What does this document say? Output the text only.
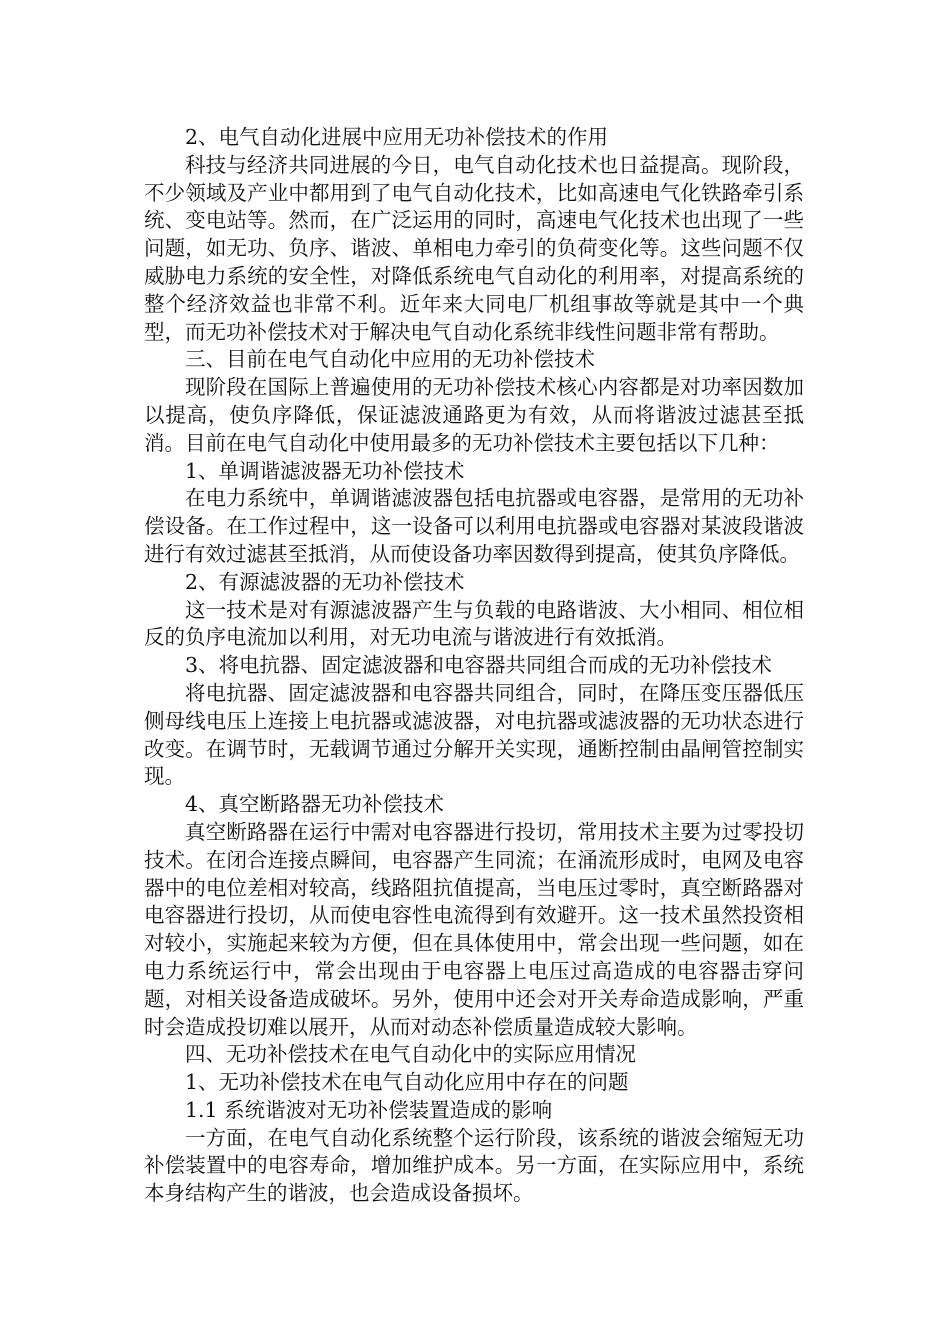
2、电气自动化进展中应用无功补偿技术的作用

科技与经济共同进展的今日，电气自动化技术也日益提高。现阶段，不少领域及产业中都用到了电气自动化技术，比如高速电气化铁路牵引系统、变电站等。然而，在广泛运用的同时，高速电气化技术也出现了一些问题，如无功、负序、谐波、单相电力牵引的负荷变化等。这些问题不仅威胁电力系统的安全性，对降低系统电气自动化的利用率，对提高系统的整个经济效益也非常不利。近年来大同电厂机组事故等就是其中一个典型，而无功补偿技术对于解决电气自动化系统非线性问题非常有帮助。

三、目前在电气自动化中应用的无功补偿技术

现阶段在国际上普遍使用的无功补偿技术核心内容都是对功率因数加以提高，使负序降低，保证滤波通路更为有效，从而将谐波过滤甚至抵消。目前在电气自动化中使用最多的无功补偿技术主要包括以下几种：

1、单调谐滤波器无功补偿技术

在电力系统中，单调谐滤波器包括电抗器或电容器，是常用的无功补偿设备。在工作过程中，这一设备可以利用电抗器或电容器对某波段谐波进行有效过滤甚至抵消，从而使设备功率因数得到提高，使其负序降低。

2、有源滤波器的无功补偿技术

这一技术是对有源滤波器产生与负载的电路谐波、大小相同、相位相反的负序电流加以利用，对无功电流与谐波进行有效抵消。

3、将电抗器、固定滤波器和电容器共同组合而成的无功补偿技术

将电抗器、固定滤波器和电容器共同组合，同时，在降压变压器低压侧母线电压上连接上电抗器或滤波器，对电抗器或滤波器的无功状态进行改变。在调节时，无载调节通过分解开关实现，通断控制由晶闸管控制实现。

4、真空断路器无功补偿技术

真空断路器在运行中需对电容器进行投切，常用技术主要为过零投切技术。在闭合连接点瞬间，电容器产生同流；在涌流形成时，电网及电容器中的电位差相对较高，线路阻抗值提高，当电压过零时，真空断路器对电容器进行投切，从而使电容性电流得到有效避开。这一技术虽然投资相对较小，实施起来较为方便，但在具体使用中，常会出现一些问题，如在电力系统运行中，常会出现由于电容器上电压过高造成的电容器击穿问题，对相关设备造成破坏。另外，使用中还会对开关寿命造成影响，严重时会造成投切难以展开，从而对动态补偿质量造成较大影响。

四、无功补偿技术在电气自动化中的实际应用情况

1、无功补偿技术在电气自动化应用中存在的问题

1.1 系统谐波对无功补偿装置造成的影响

一方面，在电气自动化系统整个运行阶段，该系统的谐波会缩短无功补偿装置中的电容寿命，增加维护成本。另一方面，在实际应用中，系统本身结构产生的谐波，也会造成设备损坏。
